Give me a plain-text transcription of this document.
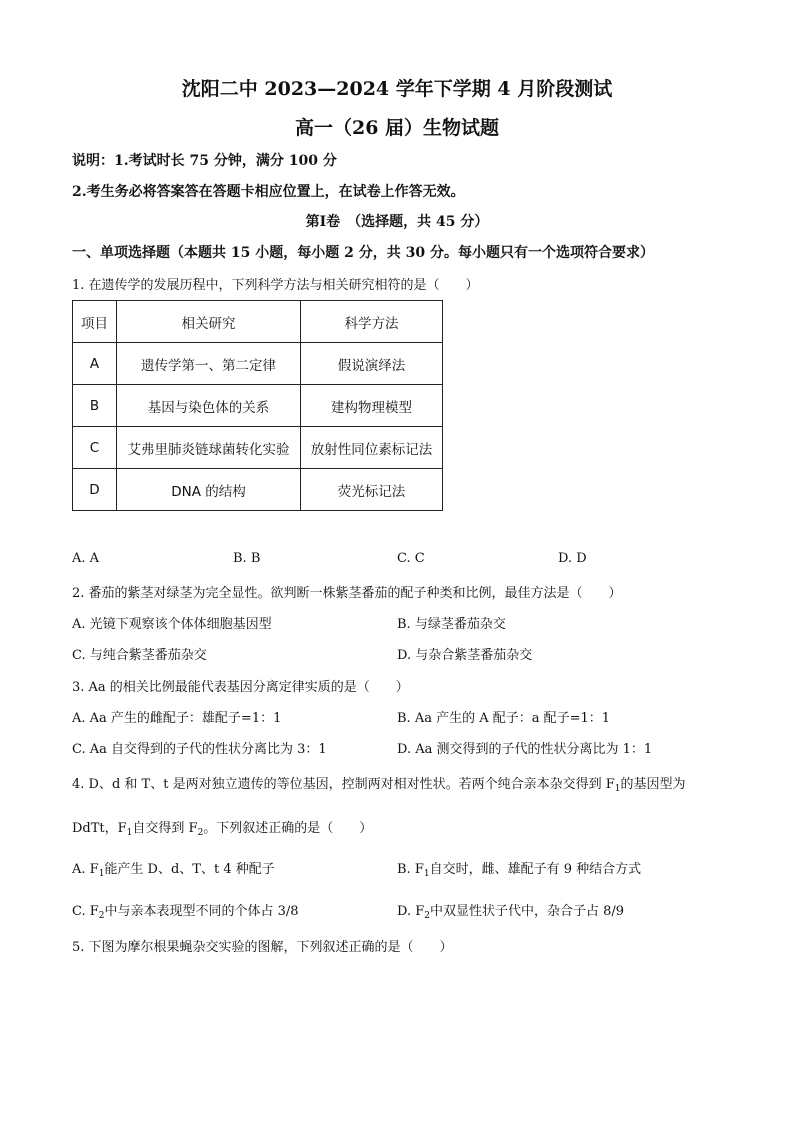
沈阳二中 2023—2024 学年下学期 4 月阶段测试
高一（26 届）生物试题
说明：1.考试时长 75 分钟，满分 100 分
2.考生务必将答案答在答题卡相应位置上，在试卷上作答无效。
第Ⅰ卷　（选择题，共 45 分）
一、单项选择题（本题共 15 小题，每小题 2 分，共 30 分。每小题只有一个选项符合要求）
1. 在遗传学的发展历程中，下列科学方法与相关研究相符的是（　　）
项目	相关研究	科学方法
A	遗传学第一、第二定律	假说演绎法
B	基因与染色体的关系	建构物理模型
C	艾弗里肺炎链球菌转化实验	放射性同位素标记法
D	DNA 的结构	荧光标记法
A. A	B. B	C. C	D. D
2. 番茄的紫茎对绿茎为完全显性。欲判断一株紫茎番茄的配子种类和比例，最佳方法是（　　）
A. 光镜下观察该个体体细胞基因型	B. 与绿茎番茄杂交
C. 与纯合紫茎番茄杂交	D. 与杂合紫茎番茄杂交
3. Aa 的相关比例最能代表基因分离定律实质的是（　　）
A. Aa 产生的雌配子：雄配子=1：1	B. Aa 产生的 A 配子：a 配子=1：1
C. Aa 自交得到的子代的性状分离比为 3：1	D. Aa 测交得到的子代的性状分离比为 1：1
4. D、d 和 T、t 是两对独立遗传的等位基因，控制两对相对性状。若两个纯合亲本杂交得到 $F_1$的基因型为
DdTt，$F_1$自交得到 $F_2$。下列叙述正确的是（　　）
A. $F_1$能产生 D、d、T、t 4 种配子	B. $F_1$自交时，雌、雄配子有 9 种结合方式
C. $F_2$中与亲本表现型不同的个体占 3/8	D. $F_2$中双显性状子代中，杂合子占 8/9
5. 下图为摩尔根果蝇杂交实验的图解，下列叙述正确的是（　　）
